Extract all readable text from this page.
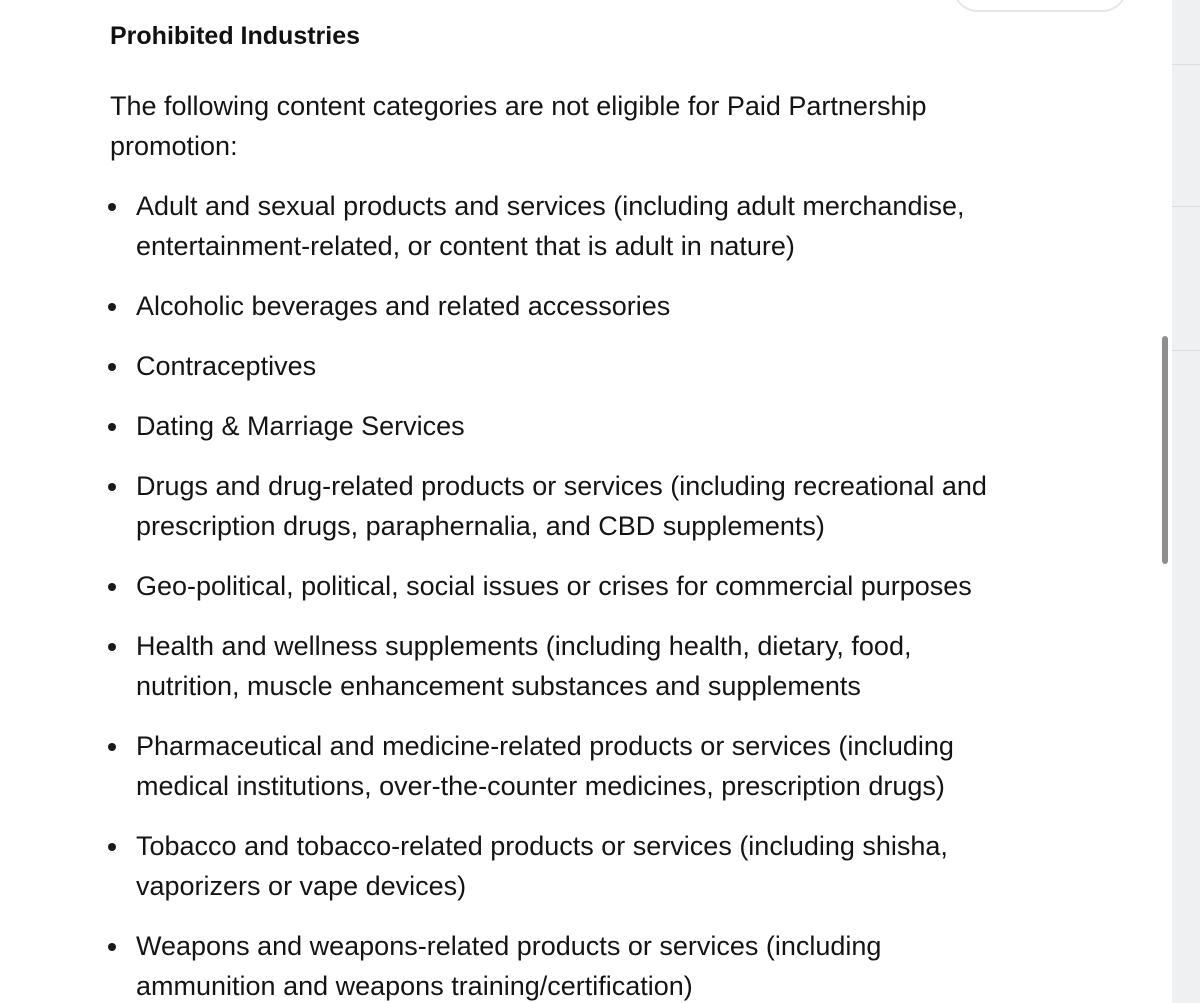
Prohibited Industries

The following content categories are not eligible for Paid Partnership promotion:

Adult and sexual products and services (including adult merchandise, entertainment-related, or content that is adult in nature)
Alcoholic beverages and related accessories
Contraceptives
Dating & Marriage Services
Drugs and drug-related products or services (including recreational and prescription drugs, paraphernalia, and CBD supplements)
Geo-political, political, social issues or crises for commercial purposes
Health and wellness supplements (including health, dietary, food, nutrition, muscle enhancement substances and supplements
Pharmaceutical and medicine-related products or services (including medical institutions, over-the-counter medicines, prescription drugs)
Tobacco and tobacco-related products or services (including shisha, vaporizers or vape devices)
Weapons and weapons-related products or services (including ammunition and weapons training/certification)
